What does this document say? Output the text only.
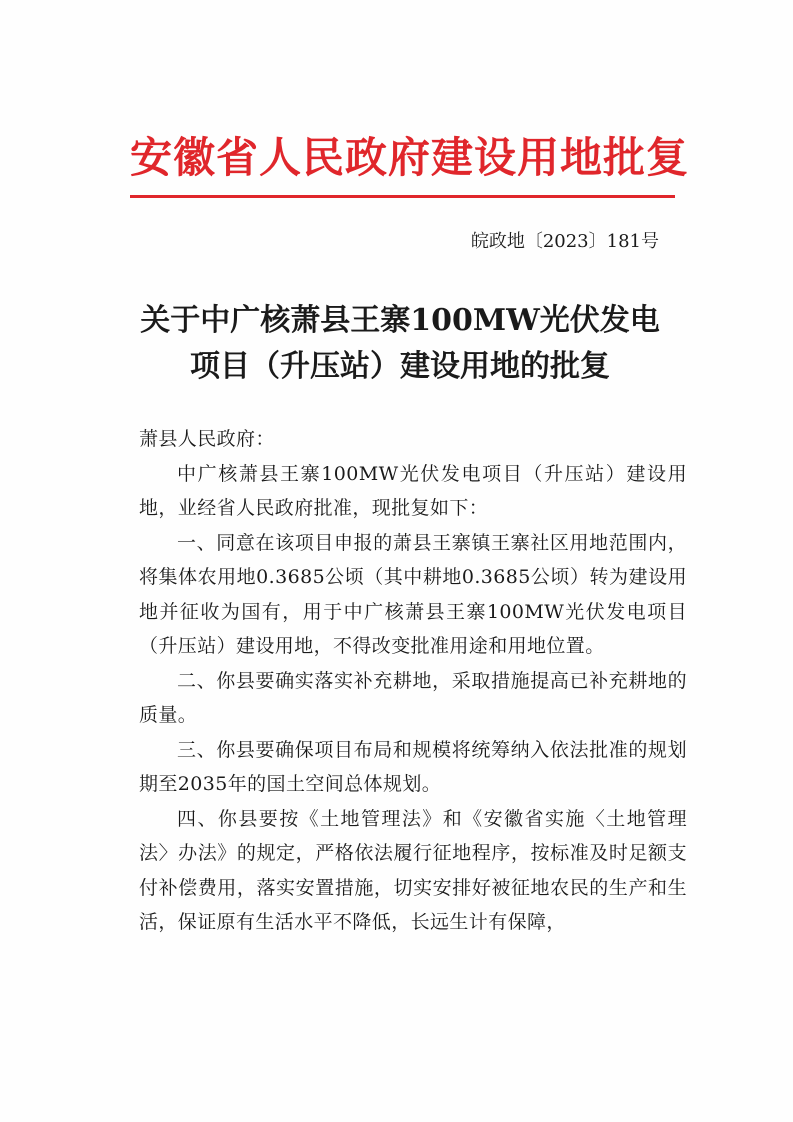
安徽省人民政府建设用地批复
皖政地〔2023〕181号
关于中广核萧县王寨100MW光伏发电
项目（升压站）建设用地的批复

萧县人民政府：

中广核萧县王寨100MW光伏发电项目（升压站）建设用地，业经省人民政府批准，现批复如下：

一、同意在该项目申报的萧县王寨镇王寨社区用地范围内，将集体农用地0.3685公顷（其中耕地0.3685公顷）转为建设用地并征收为国有，用于中广核萧县王寨100MW光伏发电项目（升压站）建设用地，不得改变批准用途和用地位置。

二、你县要确实落实补充耕地，采取措施提高已补充耕地的质量。

三、你县要确保项目布局和规模将统筹纳入依法批准的规划期至2035年的国土空间总体规划。

四、你县要按《土地管理法》和《安徽省实施〈土地管理法〉办法》的规定，严格依法履行征地程序，按标准及时足额支付补偿费用，落实安置措施，切实安排好被征地农民的生产和生活，保证原有生活水平不降低，长远生计有保障，
